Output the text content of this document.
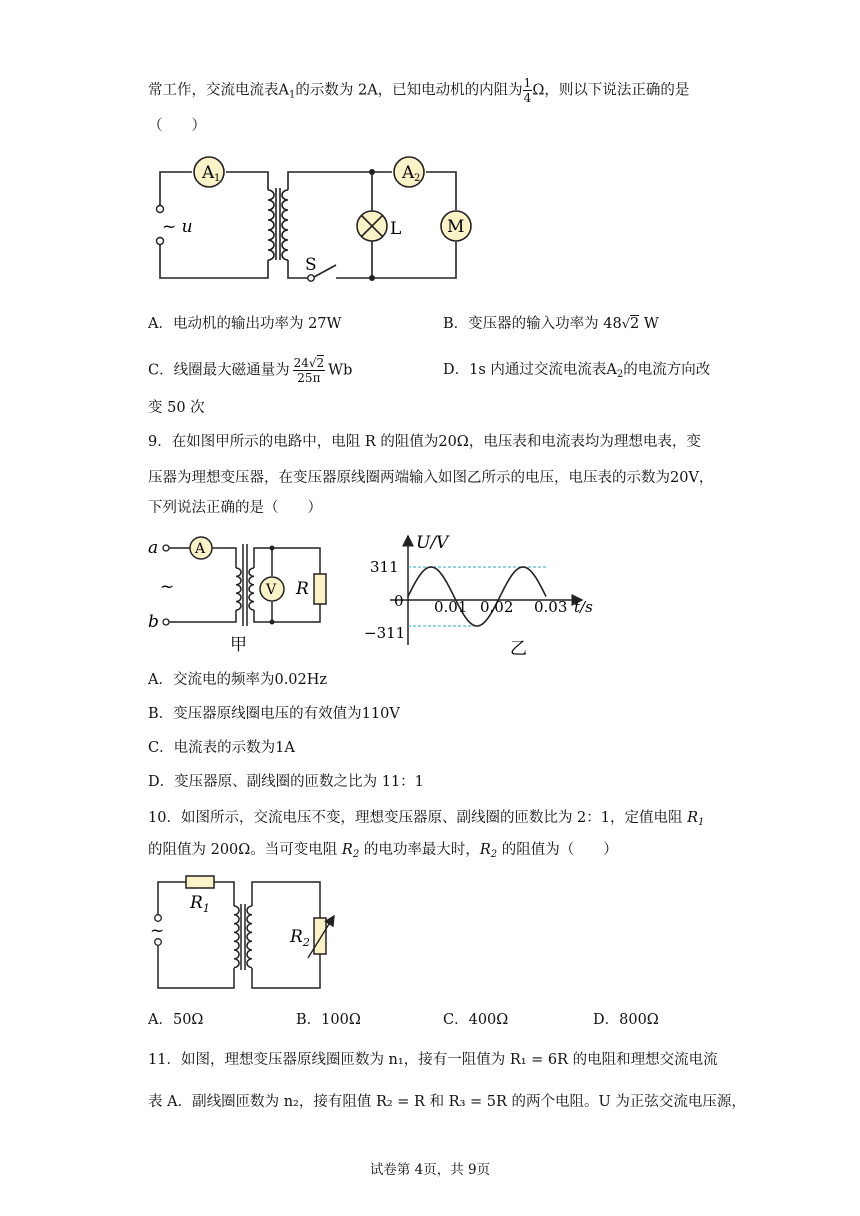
常工作，交流电流表$A_1$的示数为 2A，已知电动机的内阻为 $\frac{1}{4}$ Ω，则以下说法正确的是
（　　）
A 1	A 2
L	M
~ u
S
A．电动机的输出功率为 27W	B．变压器的输入功率为 48√2 W
C．线圈最大磁通量为 $\frac{24√2}{25\pi}$ Wb	D．1s 内通过交流电流表$A_2$的电流方向改
变 50 次
9．在如图甲所示的电路中，电阻 R 的阻值为20Ω，电压表和电流表均为理想电表，变
压器为理想变压器，在变压器原线圈两端输入如图乙所示的电压，电压表的示数为20V，
下列说法正确的是（　　）
A
V R
a
b
~
甲
U/V
311
0
−311
0.01 0.02 0.03 t/s
乙
A．交流电的频率为0.02Hz
B．变压器原线圈电压的有效值为110V
C．电流表的示数为1A
D．变压器原、副线圈的匝数之比为 11：1
10．如图所示，交流电压不变，理想变压器原、副线圈的匝数比为 2：1，定值电阻 $R_1$
的阻值为 200Ω。当可变电阻 $R_2$ 的电功率最大时，$R_2$ 的阻值为（　　）
$R_1$
$R_2$
~
A．50Ω	B．100Ω	C．400Ω	D．800Ω
11．如图，理想变压器原线圈匝数为 n₁，接有一阻值为 R₁ = 6R 的电阻和理想交流电流
表 A．副线圈匝数为 n₂，接有阻值 R₂ = R 和 R₃ = 5R 的两个电阻。U 为正弦交流电压源，
试卷第 4页，共 9页
